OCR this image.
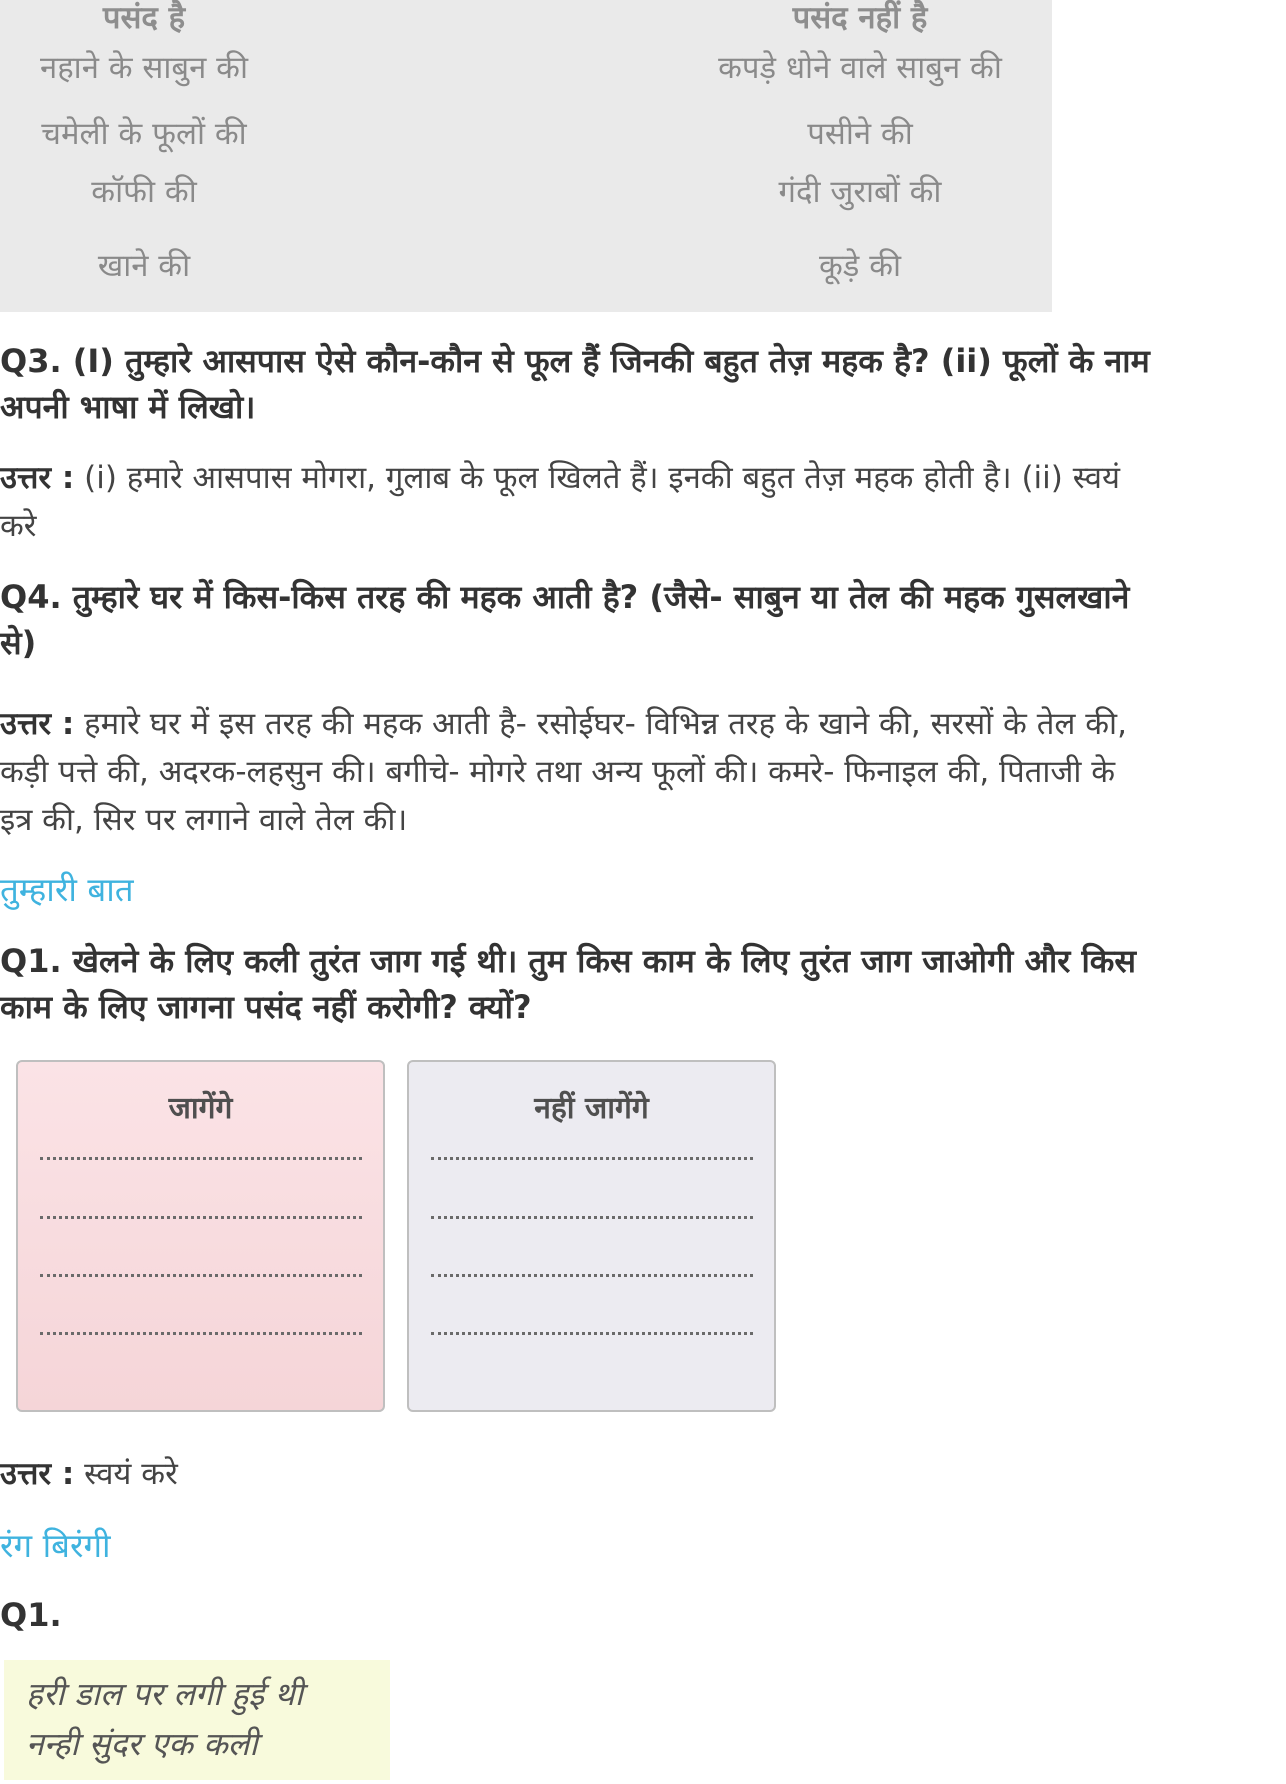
पसंद है	पसंद नहीं है
नहाने के साबुन की
चमेली के फूलों की
कॉफी की
खाने की
कपड़े धोने वाले साबुन की
पसीने की
गंदी जुराबों की
कूड़े की
Q3. (I) तुम्हारे आसपास ऐसे कौन-कौन से फूल हैं जिनकी बहुत तेज़ महक है? (ii) फूलों के नाम
अपनी भाषा में लिखो।
उत्तर : (i) हमारे आसपास मोगरा, गुलाब के फूल खिलते हैं। इनकी बहुत तेज़ महक होती है। (ii) स्वयं
करे
Q4. तुम्हारे घर में किस-किस तरह की महक आती है? (जैसे- साबुन या तेल की महक गुसलखाने
से)
उत्तर : हमारे घर में इस तरह की महक आती है- रसोईघर- विभिन्न तरह के खाने की, सरसों के तेल की,
कड़ी पत्ते की, अदरक-लहसुन की। बगीचे- मोगरे तथा अन्य फूलों की। कमरे- फिनाइल की, पिताजी के
इत्र की, सिर पर लगाने वाले तेल की।
तुम्हारी बात
Q1. खेलने के लिए कली तुरंत जाग गई थी। तुम किस काम के लिए तुरंत जाग जाओगी और किस
काम के लिए जागना पसंद नहीं करोगी? क्यों?
जागेंगे	नहीं जागेंगे
उत्तर : स्वयं करे
रंग बिरंगी
Q1.
हरी डाल पर लगी हुई थी
नन्ही सुंदर एक कली
